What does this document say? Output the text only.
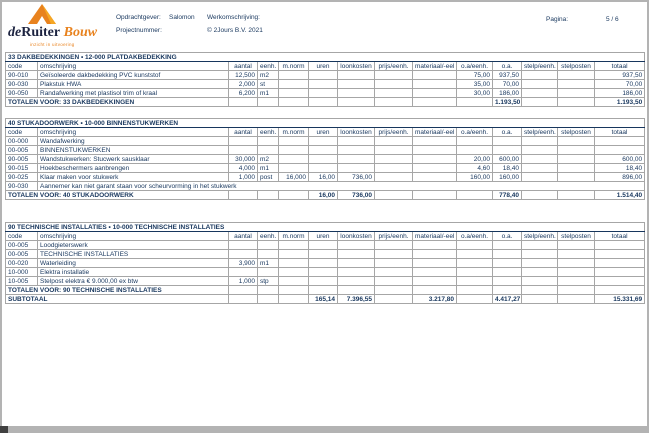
deRuiter Bouw
inzicht in uitvoering
Opdrachtgever: Salomon
Projectnummer:
Werkomschrijving:
© 2Jours B.V. 2021
Pagina:	5 / 6
33 DAKBEDEKKINGEN • 12-000 PLATDAKBEDEKKING													
code	omschrijving	aantal	eenh.	m.norm	uren	loonkosten	prijs/eenh.	materiaal/-eel	o.a/eenh.	o.a.	stelp/eenh.	stelposten	totaal
90-010	Geïsoleerde dakbedekking PVC kunststof	12,500	m2						75,00	937,50			937,50
90-030	Plakstuk HWA	2,000	st						35,00	70,00			70,00
90-050	Randafwerking met plastisol trim of kraal	6,200	m1						30,00	186,00			186,00
TOTALEN VOOR: 33 DAKBEDEKKINGEN										1.193,50			1.193,50
40 STUKADOORWERK • 10-000 BINNENSTUKWERKEN													
code	omschrijving	aantal	eenh.	m.norm	uren	loonkosten	prijs/eenh.	materiaal/-eel	o.a/eenh.	o.a.	stelp/eenh.	stelposten	totaal
00-000	Wandafwerking												
00-005	BINNENSTUKWERKEN												
90-005	Wandstukwerken: Stucwerk sausklaar	30,000	m2						20,00	600,00			600,00
90-015	Hoekbeschermers aanbrengen	4,000	m1						4,60	18,40			18,40
90-025	Klaar maken voor stukwerk	1,000	post	16,000	16,00	736,00			160,00	160,00			896,00
90-030	Aannemer kan niet garant staan voor scheurvorming in het stukwerk												
TOTALEN VOOR: 40 STUKADOORWERK					16,00	736,00				778,40			1.514,40
90 TECHNISCHE INSTALLATIES • 10-000 TECHNISCHE INSTALLATIES													
code	omschrijving	aantal	eenh.	m.norm	uren	loonkosten	prijs/eenh.	materiaal/-eel	o.a/eenh.	o.a.	stelp/eenh.	stelposten	totaal
00-005	Loodgieterswerk												
00-005	TECHNISCHE INSTALLATIES												
00-020	Waterleiding	3,900	m1										
10-000	Elektra installatie												
10-005	Stelpost elektra € 9.000,00 ex btw	1,000	stp										
TOTALEN VOOR: 90 TECHNISCHE INSTALLATIES													
SUBTOTAAL					165,14	7.396,55		3.217,80		4.417,27			15.331,69
